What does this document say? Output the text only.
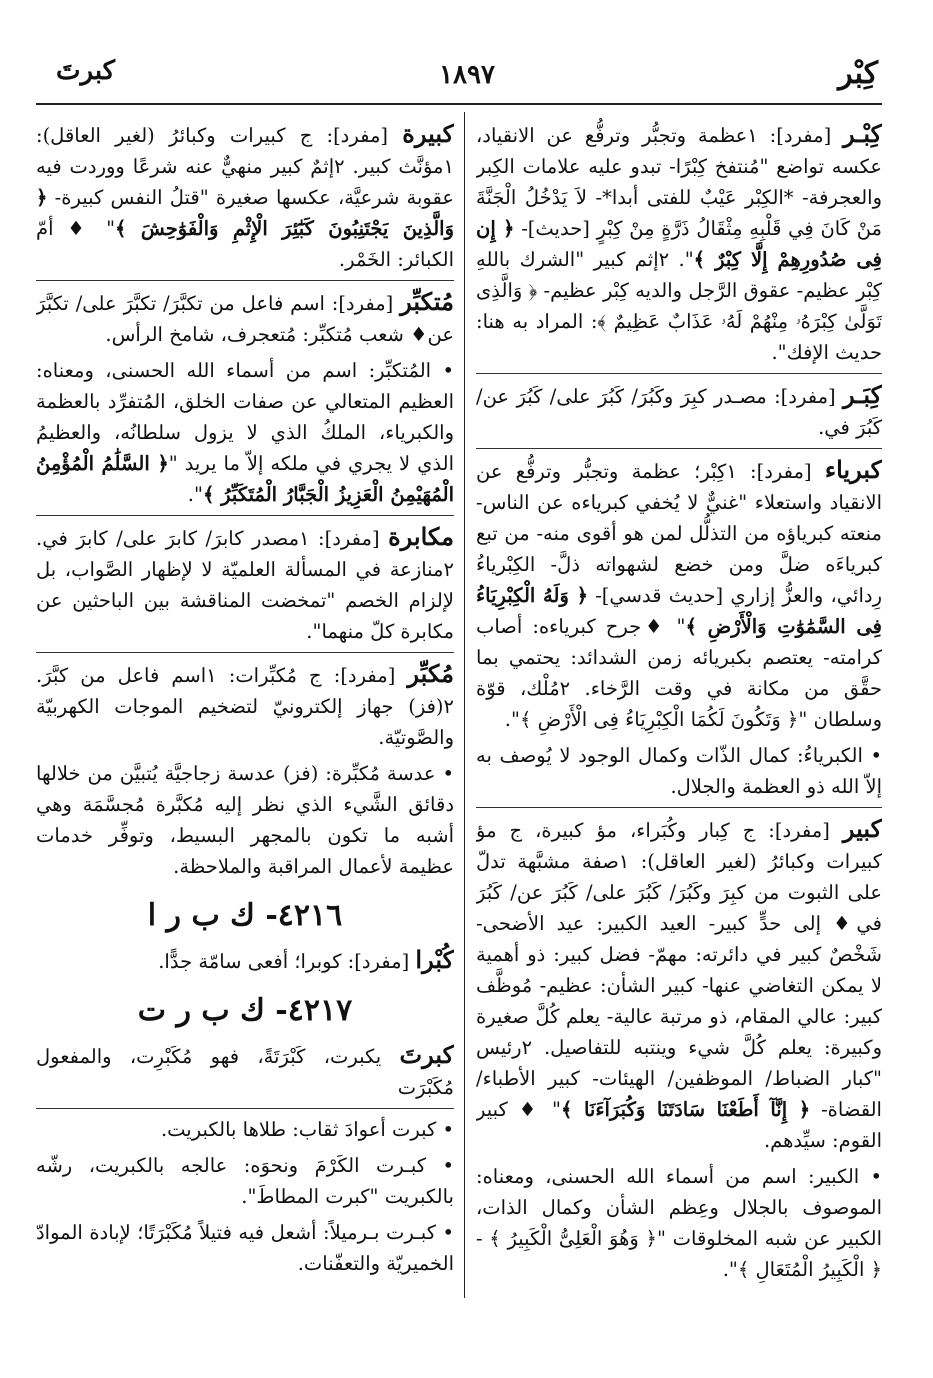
كِبْر
١٨٩٧
كبرتَ

كِبْـر [مفرد]: ١عظمة وتجبُّر وترفُّع عن الانقياد، عكسه تواضع "مُنتفخ كِبْرًا- تبدو عليه علامات الكِبر والعجرفة- *الكِبْر عَيْبٌ للفتى أبدا*- لاَ يَدْخُلُ الْجَنَّةَ مَنْ كَانَ فِي قَلْبِهِ مِثْقَالُ ذَرَّةٍ مِنْ كِبْرٍ [حديث]- ﴿ إِن فِى صُدُورِهِمْ إِلَّا كِبْرٌ ﴾". ٢إثم كبير "الشرك باللهِ كِبْر عظيم- عقوق الرَّجل والديه كِبْر عظيم- ﴿ وَالَّذِى تَوَلَّىٰ كِبْرَهُۥ مِنْهُمْ لَهُۥ عَذَابٌ عَظِيمٌ ﴾: المراد به هنا: حديث الإفك".

كِبَـر [مفرد]: مصـدر كبِرَ وكَبُرَ/ كَبُرَ على/ كَبُرَ عن/ كَبُرَ في.

كبرياء [مفرد]: ١كِبْر؛ عظمة وتجبُّر وترفُّع عن الانقياد واستعلاء "غنيٌّ لا يُخفي كبرياءه عن الناس- منعته كبرياؤه من التذلُّل لمن هو أقوى منه- من تبع كبرياءَه ضلَّ ومن خضع لشهواته ذلَّ- الكِبْرياءُ رِدائي، والعزُّ إزاري [حديث قدسي]- ﴿ وَلَهُ الْكِبْرِيَاءُ فِى السَّمَٰوَٰتِ وَالْأَرْضِ ﴾" ♦جرح كبرياءه: أصاب كرامته- يعتصم بكبريائه زمن الشدائد: يحتمي بما حقَّق من مكانة في وقت الرَّخاء. ٢مُلْك، قوّة وسلطان "﴿ وَتَكُونَ لَكُمَا الْكِبْرِيَاءُ فِى الْأَرْضِ ﴾".

• الكبرياءُ: كمال الذّات وكمال الوجود لا يُوصف به إلاّ الله ذو العظمة والجلال.

كبير [مفرد]: ج كِبار وكُبَراء، مؤ كبيرة، ج مؤ كبيرات وكبائرُ (لغير العاقل): ١صفة مشبَّهة تدلّ على الثبوت من كبِرَ وكَبُرَ/ كَبُرَ على/ كَبُرَ عن/ كَبُرَ في♦ إلى حدٍّ كبير- العيد الكبير: عيد الأضحى- شَخْصٌ كبير في دائرته: مهمّ- فضل كبير: ذو أهمية لا يمكن التغاضي عنها- كبير الشأن: عظيم- مُوظَّف كبير: عالي المقام، ذو مرتبة عالية- يعلم كُلَّ صغيرة وكبيرة: يعلم كُلَّ شيء وينتبه للتفاصيل. ٢رئيس "كبار الضباط/ الموظفين/ الهيئات- كبير الأطباء/ القضاة- ﴿ إِنَّآ أَطَعْنَا سَادَتَنَا وَكُبَرَآءَنَا ﴾" ♦ كبير القوم: سيِّدهم.

• الكبير: اسم من أسماء الله الحسنى، ومعناه: الموصوف بالجلال وعِظم الشأن وكمال الذات، الكبير عن شبه المخلوقات "﴿ وَهُوَ الْعَلِىُّ الْكَبِيرُ ﴾ - ﴿ الْكَبِيرُ الْمُتَعَالِ ﴾".

كبيرة [مفرد]: ج كبيرات وكبائرُ (لغير العاقل): ١مؤنَّث كبير. ٢إثمٌ كبير منهيٌّ عنه شرعًا ووردت فيه عقوبة شرعيَّة، عكسها صغيرة "قتلُ النفس كبيرة- ﴿ وَالَّذِينَ يَجْتَنِبُونَ كَبَٰٓئِرَ الْإِثْمِ وَالْفَوَٰحِشَ ﴾" ♦ أمّ الكبائر: الخَمْر.

مُتكبِّر [مفرد]: اسم فاعل من تكبَّرَ/ تكبَّرَ على/ تكبَّرَ عن♦ شعب مُتكبِّر: مُتعجرف، شامخ الرأس.

• المُتكبِّر: اسم من أسماء الله الحسنى، ومعناه: العظيم المتعالي عن صفات الخلق، المُتفرِّد بالعظمة والكبرياء، الملكُ الذي لا يزول سلطانُه، والعظيمُ الذي لا يجري في ملكه إلاّ ما يريد "﴿ السَّلَٰمُ الْمُؤْمِنُ الْمُهَيْمِنُ الْعَزِيزُ الْجَبَّارُ الْمُتَكَبِّرُ ﴾".

مكابرة [مفرد]: ١مصدر كابرَ/ كابرَ على/ كابرَ في. ٢منازعة في المسألة العلميّة لا لإظهار الصَّواب، بل لإلزام الخصم "تمخضت المناقشة بين الباحثين عن مكابرة كلّ منهما".

مُكبِّر [مفرد]: ج مُكبِّرات: ١اسم فاعل من كبَّرَ. ٢(فز) جهاز إلكترونيّ لتضخيم الموجات الكهربيّة والصَّوتيّة.

• عدسة مُكبِّرة: (فز) عدسة زجاجيَّة يُتبيَّن من خلالها دقائق الشَّيء الذي نظر إليه مُكبَّرة مُجسَّمَة وهي أشبه ما تكون بالمجهر البسيط، وتوفِّر خدمات عظيمة لأعمال المراقبة والملاحظة.

٤٢١٦- ك ب ر ا

كُبْرا [مفرد]: كوبرا؛ أفعى سامّة جدًّا.

٤٢١٧- ك ب ر ت

كبرتَ يكبرت، كَبْرَتَةً، فهو مُكَبْرِت، والمفعول مُكَبْرَت

• كبرت أعوادَ ثقاب: طلاها بالكبريت.

• كبـرت الكَرْمَ ونحوَه: عالجه بالكبريت، رشّه بالكبريت "كبرت المطاطَ".

• كبـرت بـرميلاً: أشعل فيه فتيلاً مُكَبْرَتًا؛ لإبادة الموادّ الخميريّة والتعفّنات.
